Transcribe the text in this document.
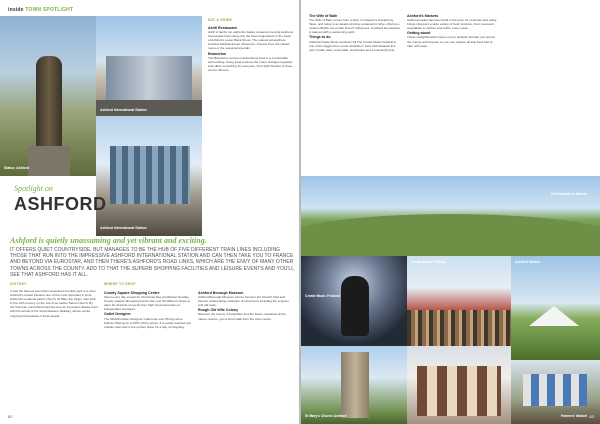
inside TOWN SPOTLIGHT
Statue, Ashford
Ashford International Station
Ashford International Station
EAT & DRINK
Ashfi Restaurant

Ashfi is family run authentic Italian restaurant serving delicious homemade food using only the finest ingredients in the heart of Ashford's Lower Bank Street. The relaxed atmosphere includes Mediterranean influences. Choose from the classic menu or the seasonal specials.

Bramerton

The Bramerton serves unpretentious food in a comfortable surrounding. Using local produce the menu changes regularly and offers something for everyone, from light lunches to three-course dinners.

Spotlight on
ASHFORD
Ashford is quietly unassuming and yet vibrant and exciting.
IT OFFERS QUIET COUNTRYSIDE, BUT MANAGES TO BE THE HUB OF FIVE DIFFERENT TRAIN LINES INCLUDING THOSE THAT RUN INTO THE IMPRESSIVE ASHFORD INTERNATIONAL STATION AND CAN THEN TAKE YOU TO FRANCE AND BEYOND VIA EUROSTAR, AND THEN THERE'S ASHFORD'S ROAD LINKS, WHICH ARE THE ENVY OF MANY OTHER TOWNS ACROSS THE COUNTY. ADD TO THAT THE SUPERB SHOPPING FACILITIES AND LEISURE EVENTS AND YOU'LL SEE THAT ASHFORD HAS IT ALL.
HISTORY

It was the famous wool that converted a humble spot to a town. Ashford's market became one of the most important in Kent. Ashford's medieval parish church, St Mary the Virgin, was built in the 13th century on the site of an earlier Saxon church. By the Victorian era Ashford had become an important railway town with the arrival of the South Eastern Railway, whose works employed thousands of local people.

WHERE TO SHOP
County Square Shopping Centre

Open every day except for Christmas Day and Easter Sunday, County Square Shopping Centre has over 50 different shops to cater for all kinds of needs from high street favourites to independent boutiques.

Outlet Designer

The McArthurGlen Designer Outlet has over 80 big-name brands offering up to 60% off the prices. It is easily reached just outside town and is the perfect place for a day of shopping.

Ashford Borough Museum

Ashford Borough Museum can be found in the Church Yard and houses a fascinating collection of local items including fire engines and old tools.

Rough Old Wife Colony

Discover the colony of butterflies and the flower meadows at the nature reserve, just a short walk from the town centre.

62
The Wife of Bath

The Wife of Bath comes from a story in Chaucer's Canterbury Tales, and today is an award-winning restaurant in Wye, offering a modern British menu with French influences. A refined atmosphere is teamed with a welcoming spirit.

Things to do

Ashford Create Music Festival / All The Create Music Festival is one of the biggest free music festivals in Kent with fantastic live acts, funfair rides, food stalls, workshops and a real family feel.

Ashford's Markets

Ashford market has been held in the town for centuries and today brings shoppers a wide variety of fresh produce, from meat and vegetables to clothes and crafts, every week.

Getting about

These straightforward routes on our website will take you across the county and beyond, so you can explore all that Kent has to offer with ease.

Cheesemakers Market
Create Music Festival
Create Music Festival
St Mary's Church Ashford
Ashford Market
Farmers' Market 63
